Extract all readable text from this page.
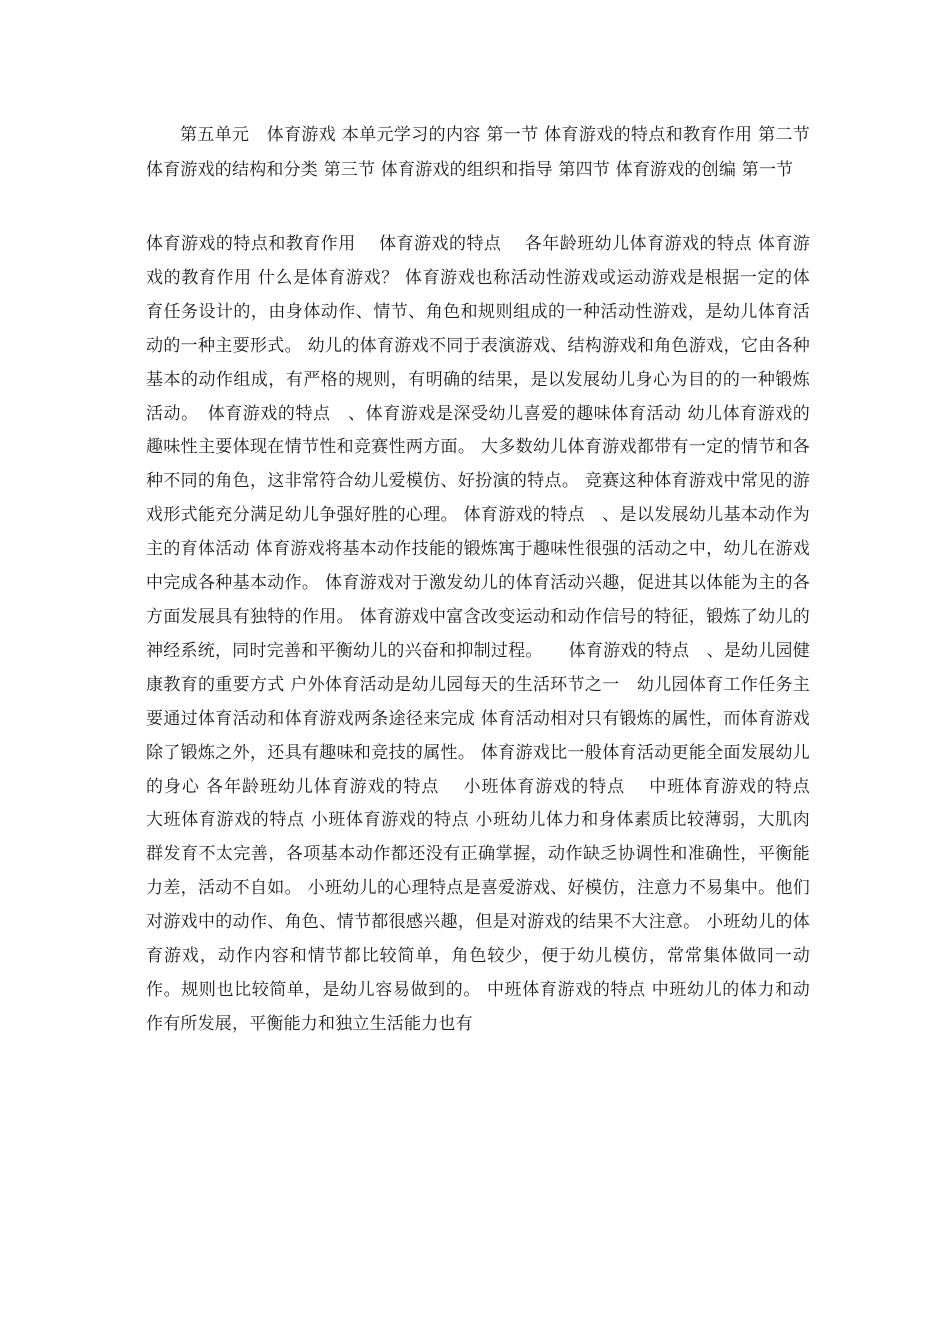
第五单元　体育游戏 本单元学习的内容 第一节 体育游戏的特点和教育作用 第二节 体育游戏的结构和分类 第三节 体育游戏的组织和指导 第四节 体育游戏的创编 第一节
体育游戏的特点和教育作用　 体育游戏的特点　 各年龄班幼儿体育游戏的特点 体育游戏的教育作用 什么是体育游戏？ 体育游戏也称活动性游戏或运动游戏是根据一定的体育任务设计的，由身体动作、情节、角色和规则组成的一种活动性游戏，是幼儿体育活动的一种主要形式。 幼儿的体育游戏不同于表演游戏、结构游戏和角色游戏，它由各种基本的动作组成，有严格的规则，有明确的结果，是以发展幼儿身心为目的的一种锻炼活动。　体育游戏的特点　、体育游戏是深受幼儿喜爱的趣味体育活动 幼儿体育游戏的趣味性主要体现在情节性和竞赛性两方面。 大多数幼儿体育游戏都带有一定的情节和各种不同的角色，这非常符合幼儿爱模仿、好扮演的特点。 竞赛这种体育游戏中常见的游戏形式能充分满足幼儿争强好胜的心理。 体育游戏的特点　、是以发展幼儿基本动作为主的育体活动 体育游戏将基本动作技能的锻炼寓于趣味性很强的活动之中，幼儿在游戏中完成各种基本动作。 体育游戏对于激发幼儿的体育活动兴趣，促进其以体能为主的各方面发展具有独特的作用。 体育游戏中富含改变运动和动作信号的特征，锻炼了幼儿的神经系统，同时完善和平衡幼儿的兴奋和抑制过程。　　体育游戏的特点　、是幼儿园健康教育的重要方式 户外体育活动是幼儿园每天的生活环节之一　幼儿园体育工作任务主要通过体育活动和体育游戏两条途径来完成 体育活动相对只有锻炼的属性，而体育游戏除了锻炼之外，还具有趣味和竞技的属性。 体育游戏比一般体育活动更能全面发展幼儿的身心 各年龄班幼儿体育游戏的特点　 小班体育游戏的特点　 中班体育游戏的特点　 大班体育游戏的特点 小班体育游戏的特点 小班幼儿体力和身体素质比较薄弱，大肌肉群发育不太完善，各项基本动作都还没有正确掌握，动作缺乏协调性和准确性，平衡能力差，活动不自如。 小班幼儿的心理特点是喜爱游戏、好模仿，注意力不易集中。他们对游戏中的动作、角色、情节都很感兴趣，但是对游戏的结果不大注意。 小班幼儿的体育游戏，动作内容和情节都比较简单，角色较少，便于幼儿模仿，常常集体做同一动作。规则也比较简单，是幼儿容易做到的。 中班体育游戏的特点 中班幼儿的体力和动作有所发展，平衡能力和独立生活能力也有
